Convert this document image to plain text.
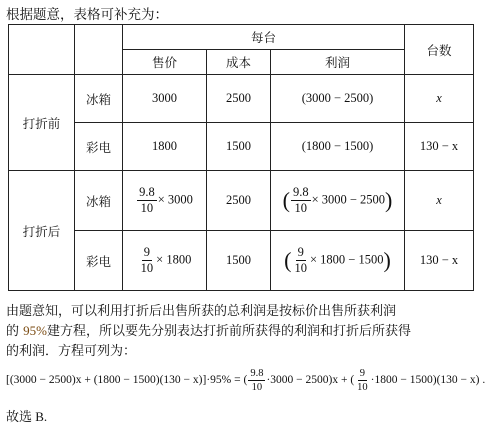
根据题意，表格可补充为：
		每台			台数
		售价	成本	利润	
打折前	冰箱	3000	2500	(3000 − 2500)	x
	彩电	1800	1500	(1800 − 1500)	130 − x
打折后	冰箱	$\frac{9.8}{10} \times 3000$	2500	( $\frac{9.8}{10} \times 3000 - 2500$)	x
	彩电	$\frac{9}{10} \times 1800$	1500	( $\frac{9}{10} \times 1800 - 1500$)	130 − x
由题意知，可以利用打折后出售所获的总利润是按标价出售所获利润
的 95%建方程，所以要先分别表达打折前所获得的利润和打折后所获得
的利润．方程可列为：
[(3000 − 2500)x + (1800 − 1500)(130 − x)]·95% = ( $\frac{9.8}{10} \cdot 3000 - 2500)x$ + ( $\frac{9}{10} \cdot 1800 - 1500)(130 - x)$ .
故选 B.
